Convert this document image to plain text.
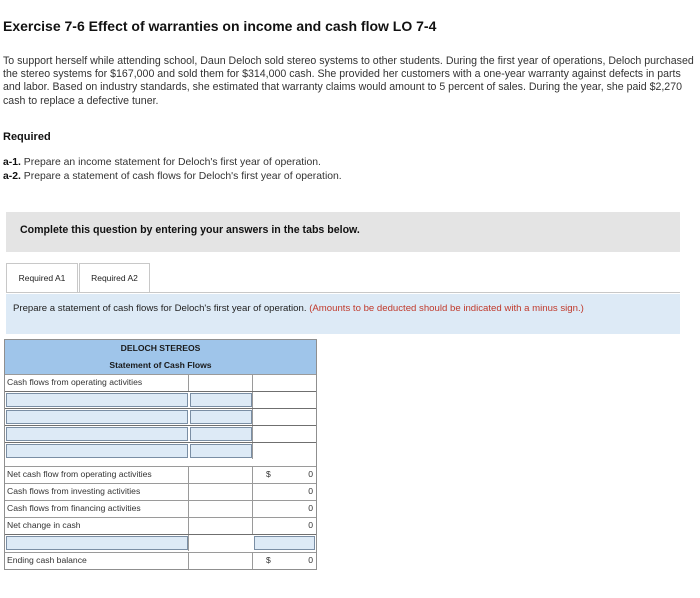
Exercise 7-6 Effect of warranties on income and cash flow LO 7-4
To support herself while attending school, Daun Deloch sold stereo systems to other students. During the first year of operations, Deloch purchased the stereo systems for $167,000 and sold them for $314,000 cash. She provided her customers with a one-year warranty against defects in parts and labor. Based on industry standards, she estimated that warranty claims would amount to 5 percent of sales. During the year, she paid $2,270 cash to replace a defective tuner.
Required
a-1. Prepare an income statement for Deloch's first year of operation.
a-2. Prepare a statement of cash flows for Deloch's first year of operation.
Complete this question by entering your answers in the tabs below.
Required A1	Required A2
Prepare a statement of cash flows for Deloch's first year of operation. (Amounts to be deducted should be indicated with a minus sign.)
DELOCH STEREOS
Statement of Cash Flows
Cash flows from operating activities
Net cash flow from operating activities	$	0
Cash flows from investing activities	0
Cash flows from financing activities	0
Net change in cash	0
Ending cash balance	$	0
